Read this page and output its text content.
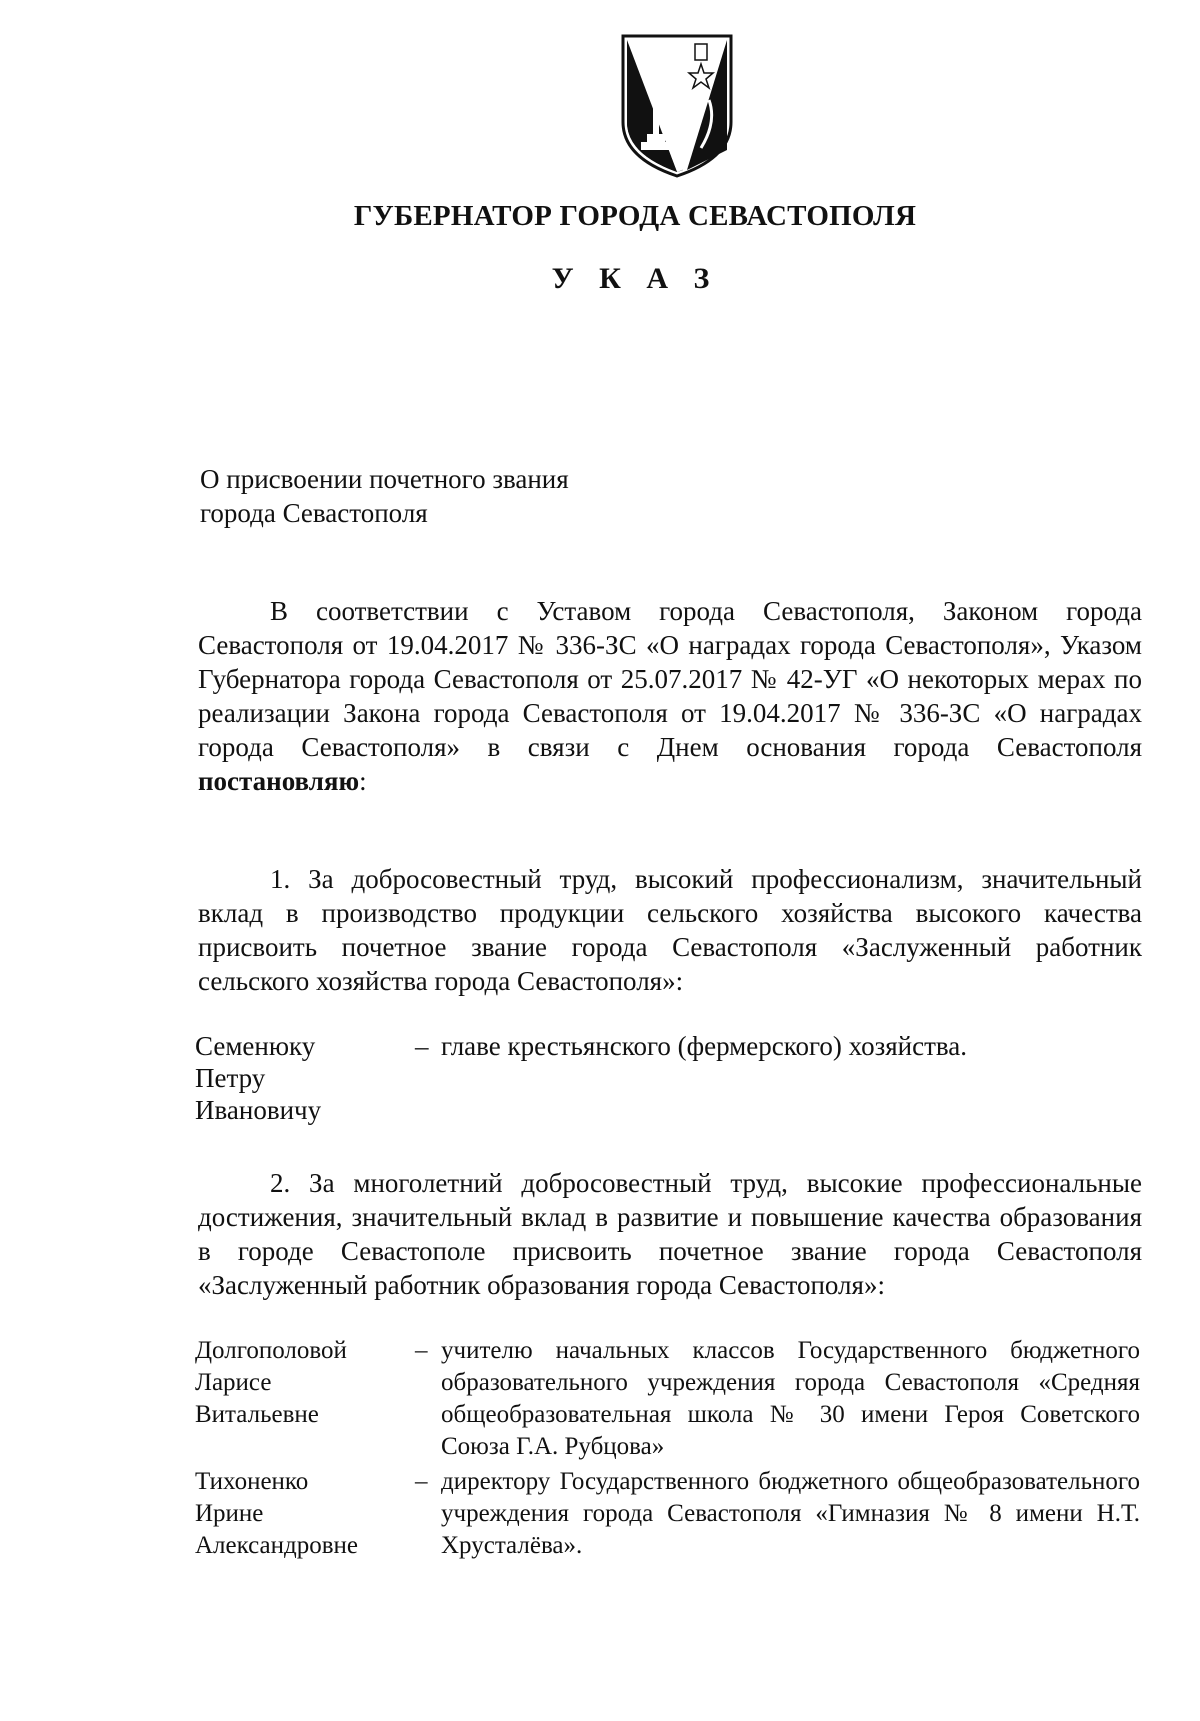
ГУБЕРНАТОР ГОРОДА СЕВАСТОПОЛЯ
У К А З
О присвоении почетного звания
города Севастополя
В соответствии с Уставом города Севастополя, Законом города Севастополя от 19.04.2017 № 336-ЗС «О наградах города Севастополя», Указом Губернатора города Севастополя от 25.07.2017 № 42-УГ «О некоторых мерах по реализации Закона города Севастополя от 19.04.2017 № 336-ЗС «О наградах города Севастополя» в связи с Днем основания города Севастополя постановляю:
1. За добросовестный труд, высокий профессионализм, значительный вклад в производство продукции сельского хозяйства высокого качества присвоить почетное звание города Севастополя «Заслуженный работник сельского хозяйства города Севастополя»:
Семенюку
Петру
Ивановичу
– главе крестьянского (фермерского) хозяйства.
2. За многолетний добросовестный труд, высокие профессиональные достижения, значительный вклад в развитие и повышение качества образования в городе Севастополе присвоить почетное звание города Севастополя «Заслуженный работник образования города Севастополя»:
Долгополовой
Ларисе
Витальевне
– учителю начальных классов Государственного бюджетного образовательного учреждения города Севастополя «Средняя общеобразовательная школа № 30 имени Героя Советского Союза Г.А. Рубцова»
Тихоненко
Ирине
Александровне
– директору Государственного бюджетного общеобразовательного учреждения города Севастополя «Гимназия № 8 имени Н.Т. Хрусталёва».
